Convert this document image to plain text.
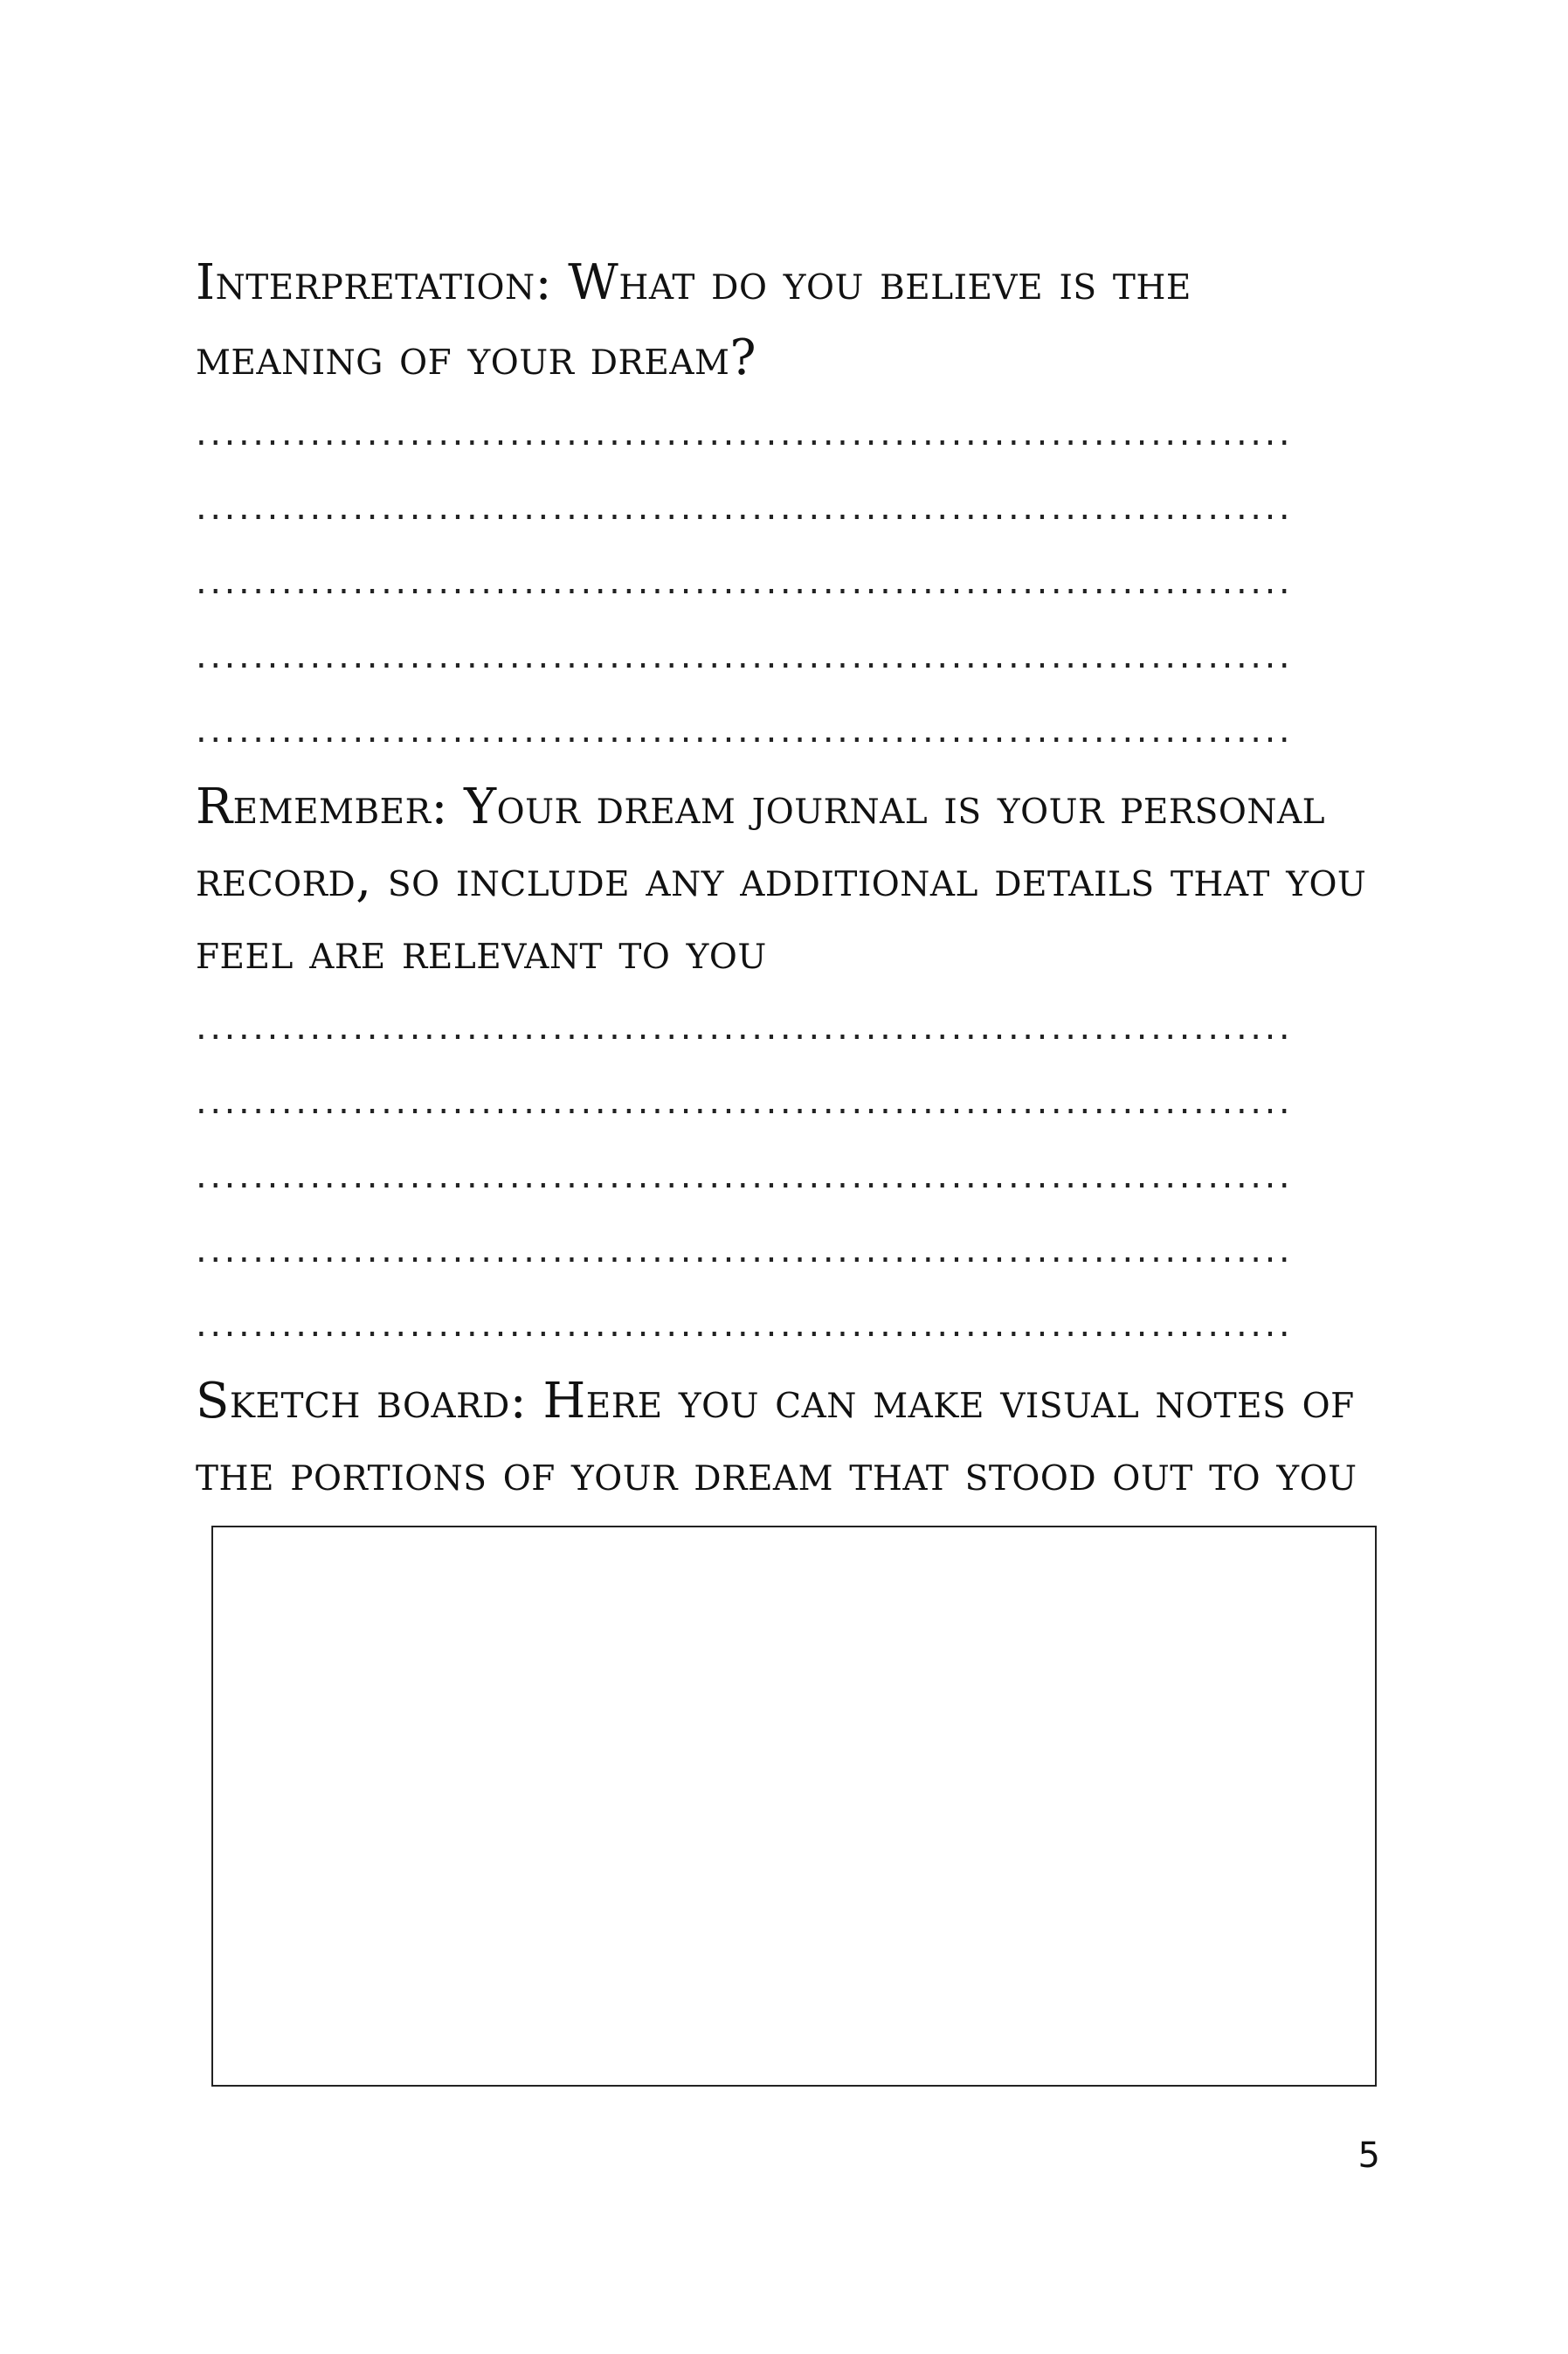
Interpretation: What do you believe is the
meaning of your dream?
.............................................................................
.............................................................................
.............................................................................
.............................................................................
.............................................................................
Remember: Your dream journal is your personal
record, so include any additional details that you
feel are relevant to you
.............................................................................
.............................................................................
.............................................................................
.............................................................................
.............................................................................
Sketch board: Here you can make visual notes of
the portions of your dream that stood out to you
5
